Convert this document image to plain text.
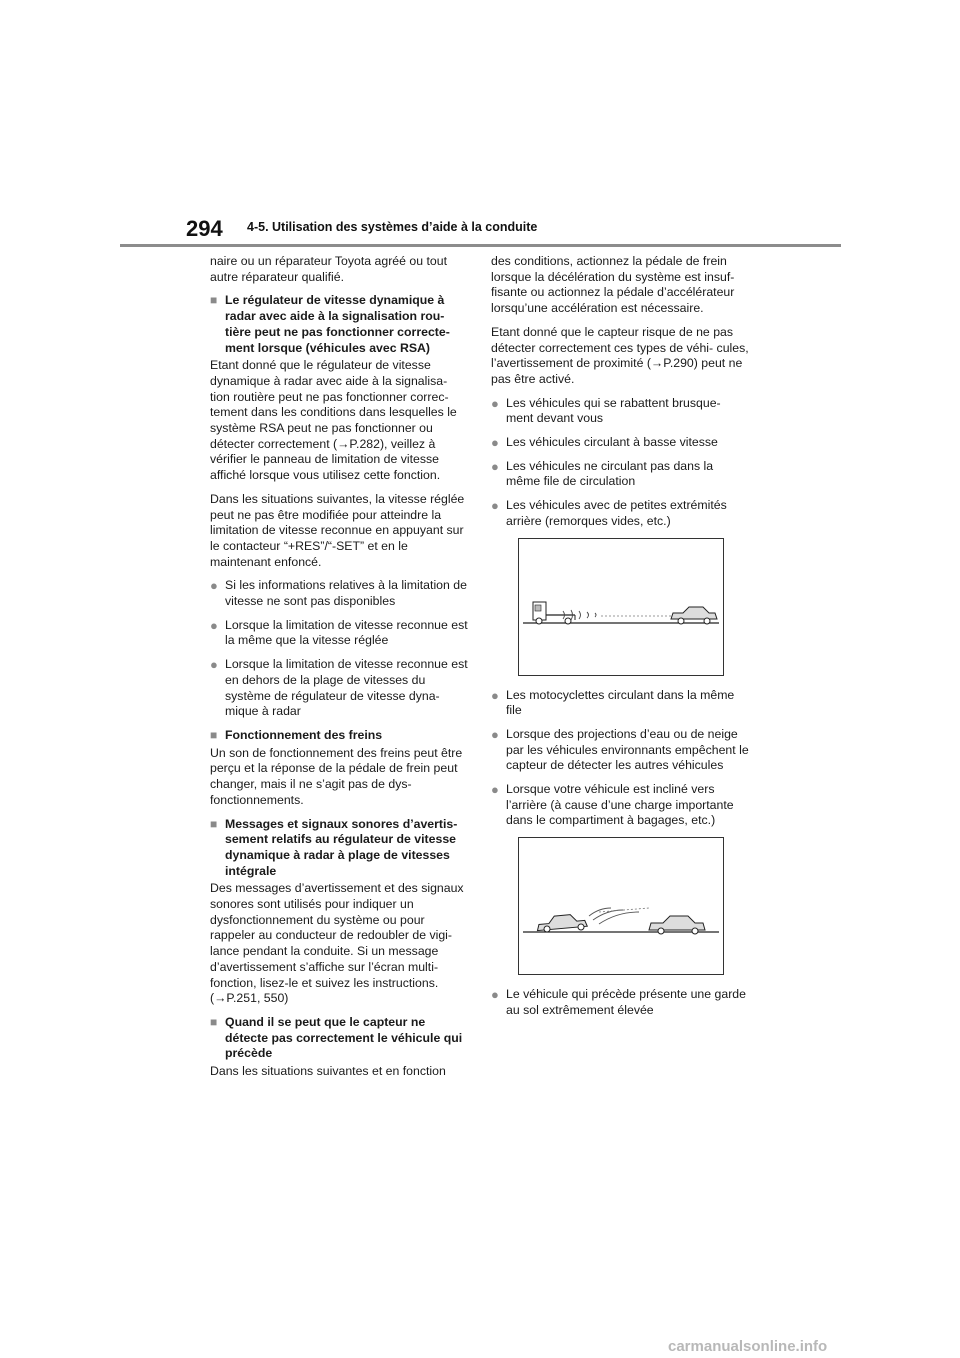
294 4-5. Utilisation des systèmes d’aide à la conduite

naire ou un réparateur Toyota agréé ou tout autre réparateur qualifié.

■ Le régulateur de vitesse dynamique à radar avec aide à la signalisation rou- tière peut ne pas fonctionner correcte- ment lorsque (véhicules avec RSA)

Etant donné que le régulateur de vitesse dynamique à radar avec aide à la signalisa- tion routière peut ne pas fonctionner correc- tement dans les conditions dans lesquelles le système RSA peut ne pas fonctionner ou détecter correctement (→P.282), veillez à vérifier le panneau de limitation de vitesse affiché lorsque vous utilisez cette fonction.

Dans les situations suivantes, la vitesse réglée peut ne pas être modifiée pour atteindre la limitation de vitesse reconnue en appuyant sur le contacteur “+RES”/“-SET” et en le maintenant enfoncé.

● Si les informations relatives à la limitation de vitesse ne sont pas disponibles
● Lorsque la limitation de vitesse reconnue est la même que la vitesse réglée
● Lorsque la limitation de vitesse reconnue est en dehors de la plage de vitesses du système de régulateur de vitesse dyna- mique à radar
■ Fonctionnement des freins

Un son de fonctionnement des freins peut être perçu et la réponse de la pédale de frein peut changer, mais il ne s’agit pas de dys- fonctionnements.

■ Messages et signaux sonores d’avertis- sement relatifs au régulateur de vitesse dynamique à radar à plage de vitesses intégrale

Des messages d’avertissement et des signaux sonores sont utilisés pour indiquer un dysfonctionnement du système ou pour rappeler au conducteur de redoubler de vigi- lance pendant la conduite. Si un message d’avertissement s’affiche sur l’écran multi- fonction, lisez-le et suivez les instructions. (→P.251, 550)

■ Quand il se peut que le capteur ne détecte pas correctement le véhicule qui précède

Dans les situations suivantes et en fonction

des conditions, actionnez la pédale de frein lorsque la décélération du système est insuf- fisante ou actionnez la pédale d’accélérateur lorsqu’une accélération est nécessaire.

Etant donné que le capteur risque de ne pas détecter correctement ces types de véhi- cules, l’avertissement de proximité (→P.290) peut ne pas être activé.

● Les véhicules qui se rabattent brusque- ment devant vous
● Les véhicules circulant à basse vitesse
● Les véhicules ne circulant pas dans la même file de circulation
● Les véhicules avec de petites extrémités arrière (remorques vides, etc.)
● Les motocyclettes circulant dans la même file
● Lorsque des projections d’eau ou de neige par les véhicules environnants empêchent le capteur de détecter les autres véhicules
● Lorsque votre véhicule est incliné vers l’arrière (à cause d’une charge importante dans le compartiment à bagages, etc.)
● Le véhicule qui précède présente une garde au sol extrêmement élevée
carmanualsonline.info
